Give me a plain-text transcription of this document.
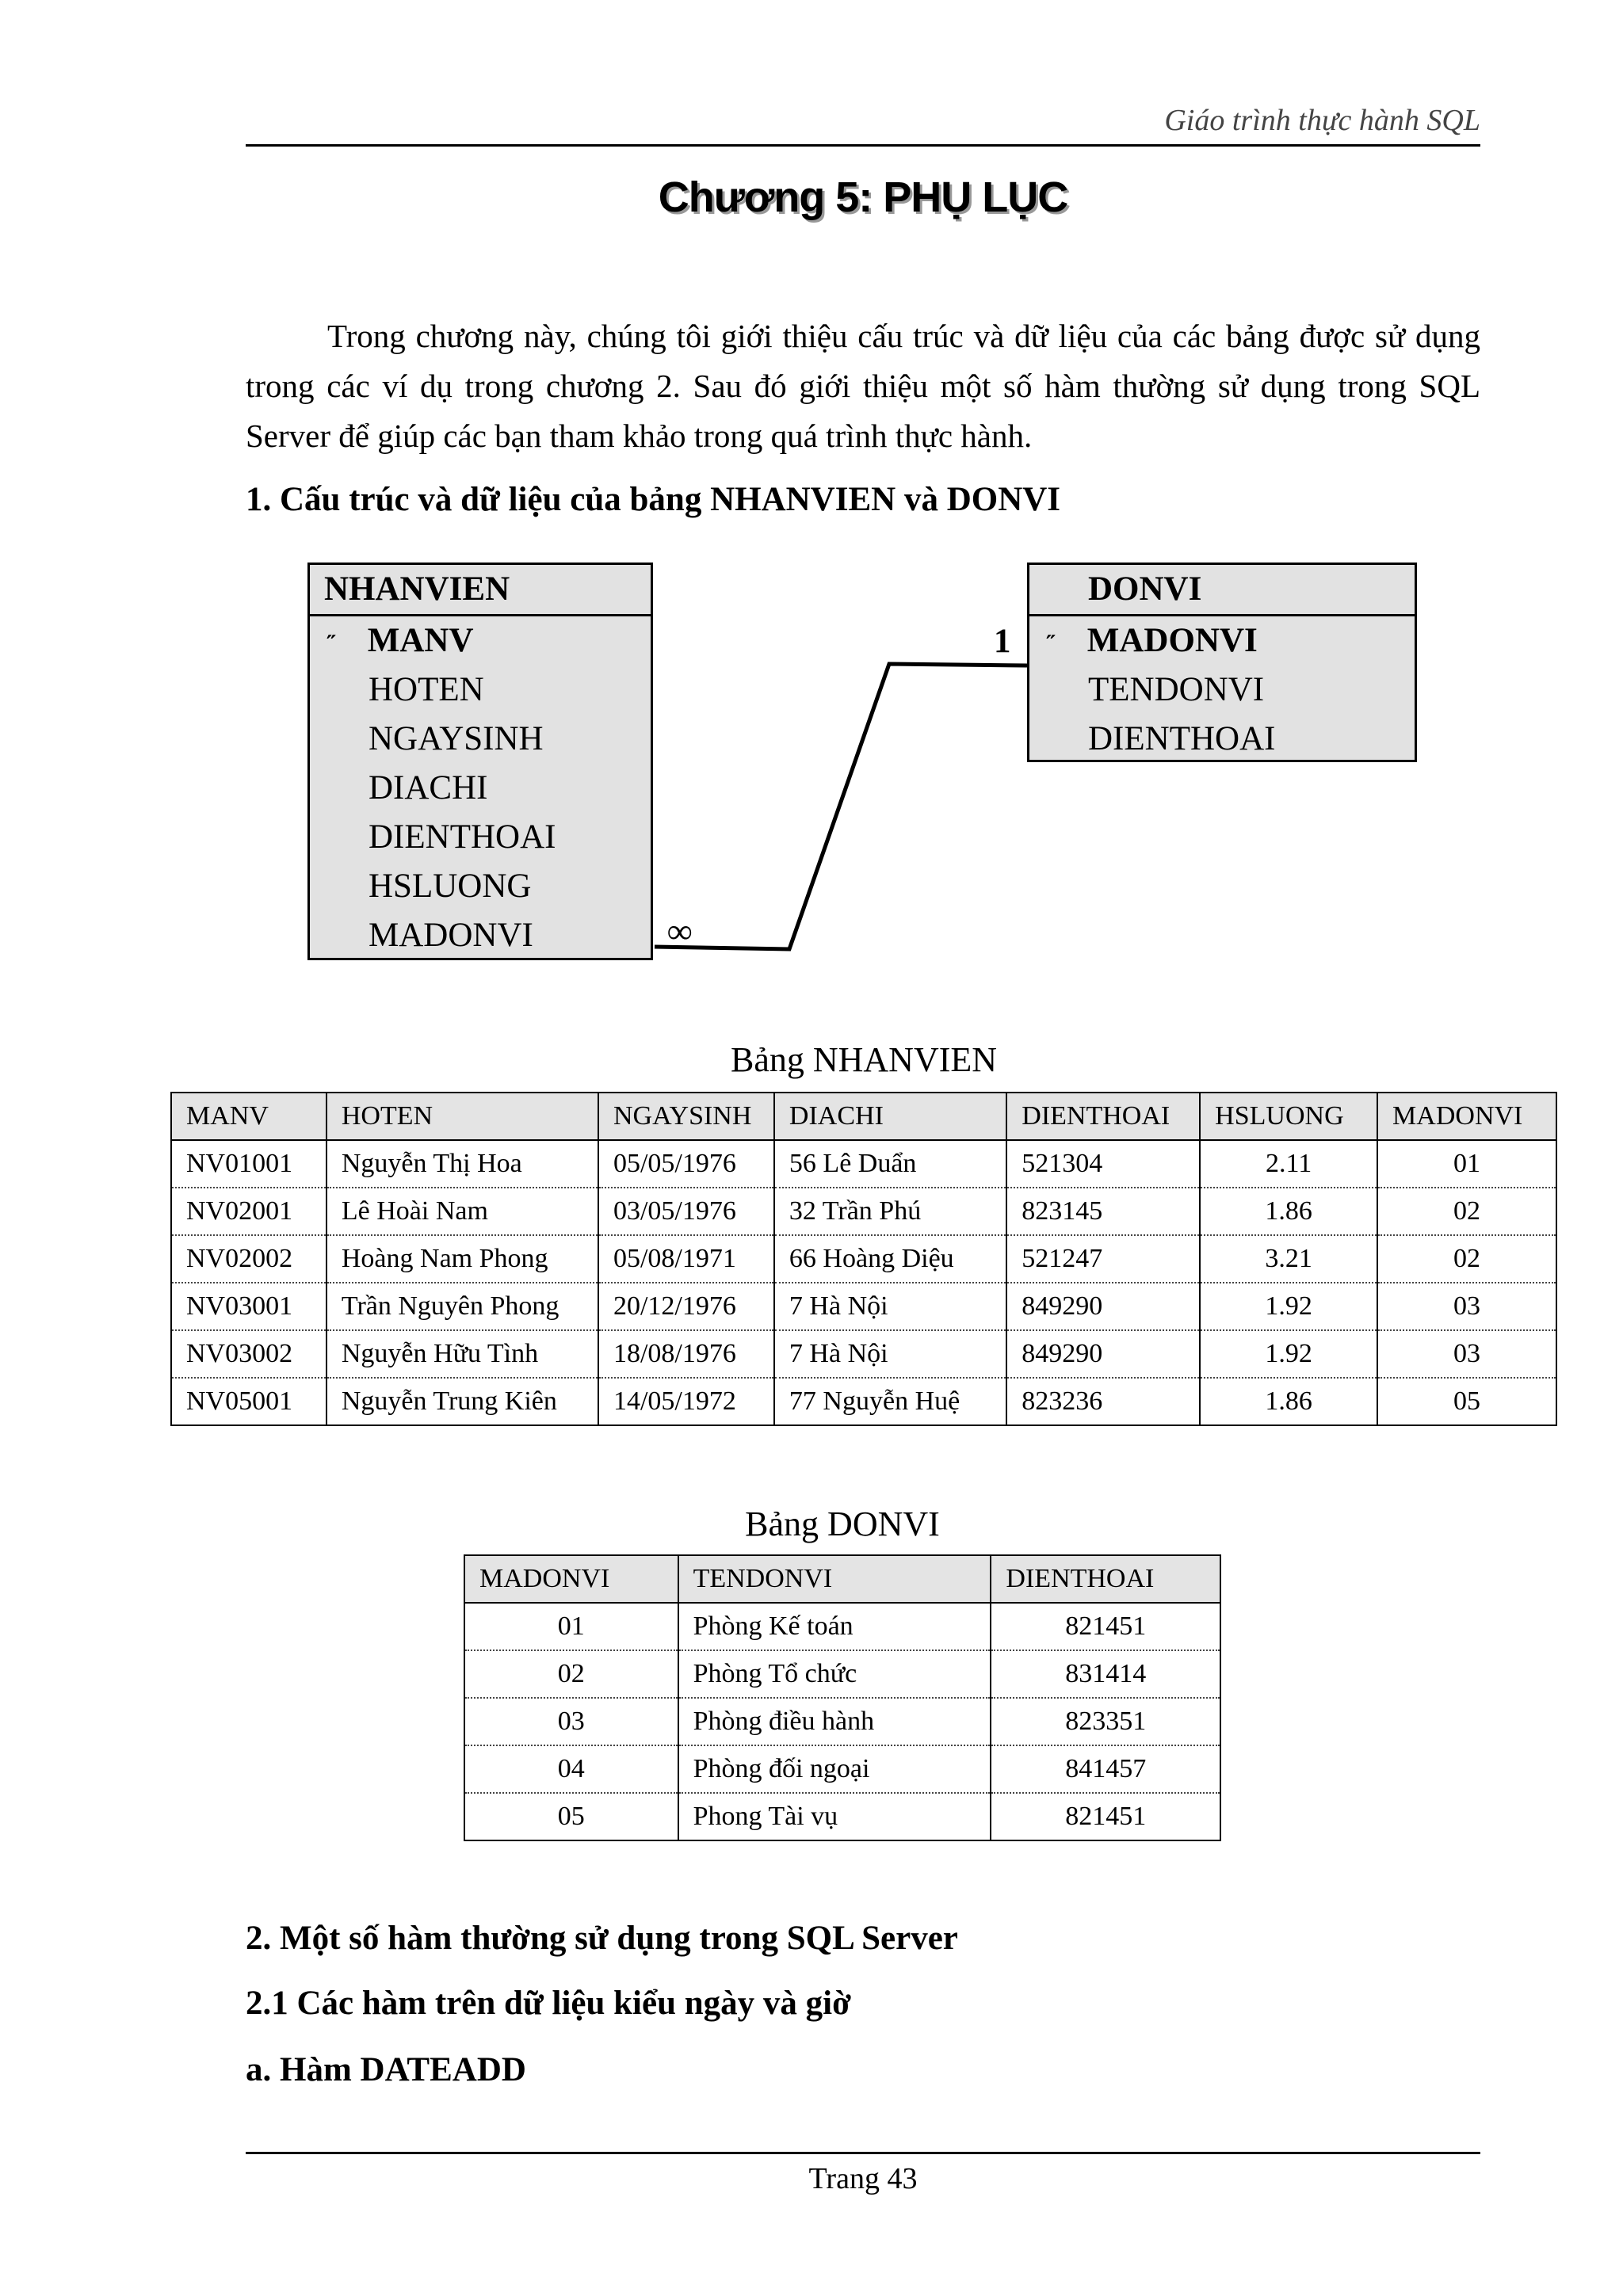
Giáo trình thực hành SQL
Chương 5: PHỤ LỤC

Trong chương này, chúng tôi giới thiệu cấu trúc và dữ liệu của các bảng được sử dụng trong các ví dụ trong chương 2. Sau đó giới thiệu một số hàm thường sử dụng trong SQL Server để giúp các bạn tham khảo trong quá trình thực hành.

1. Cấu trúc và dữ liệu của bảng NHANVIEN và DONVI
NHANVIEN
˝ MANV
HOTEN
NGAYSINH
DIACHI
DIENTHOAI
HSLUONG
MADONVI
DONVI
˝ MADONVI
TENDONVI
DIENTHOAI
1
∞
Bảng NHANVIEN
MANV	HOTEN	NGAYSINH	DIACHI	DIENTHOAI	HSLUONG	MADONVI
NV01001	Nguyễn Thị Hoa	05/05/1976	56 Lê Duẩn	521304	2.11	01
NV02001	Lê Hoài Nam	03/05/1976	32 Trần Phú	823145	1.86	02
NV02002	Hoàng Nam Phong	05/08/1971	66 Hoàng Diệu	521247	3.21	02
NV03001	Trần Nguyên Phong	20/12/1976	7 Hà Nội	849290	1.92	03
NV03002	Nguyễn Hữu Tình	18/08/1976	7 Hà Nội	849290	1.92	03
NV05001	Nguyễn Trung Kiên	14/05/1972	77 Nguyễn Huệ	823236	1.86	05
Bảng DONVI
MADONVI	TENDONVI	DIENTHOAI
01	Phòng Kế toán	821451
02	Phòng Tổ chức	831414
03	Phòng điều hành	823351
04	Phòng đối ngoại	841457
05	Phong Tài vụ	821451
2. Một số hàm thường sử dụng trong SQL Server
2.1 Các hàm trên dữ liệu kiểu ngày và giờ
a. Hàm DATEADD
Trang 43
